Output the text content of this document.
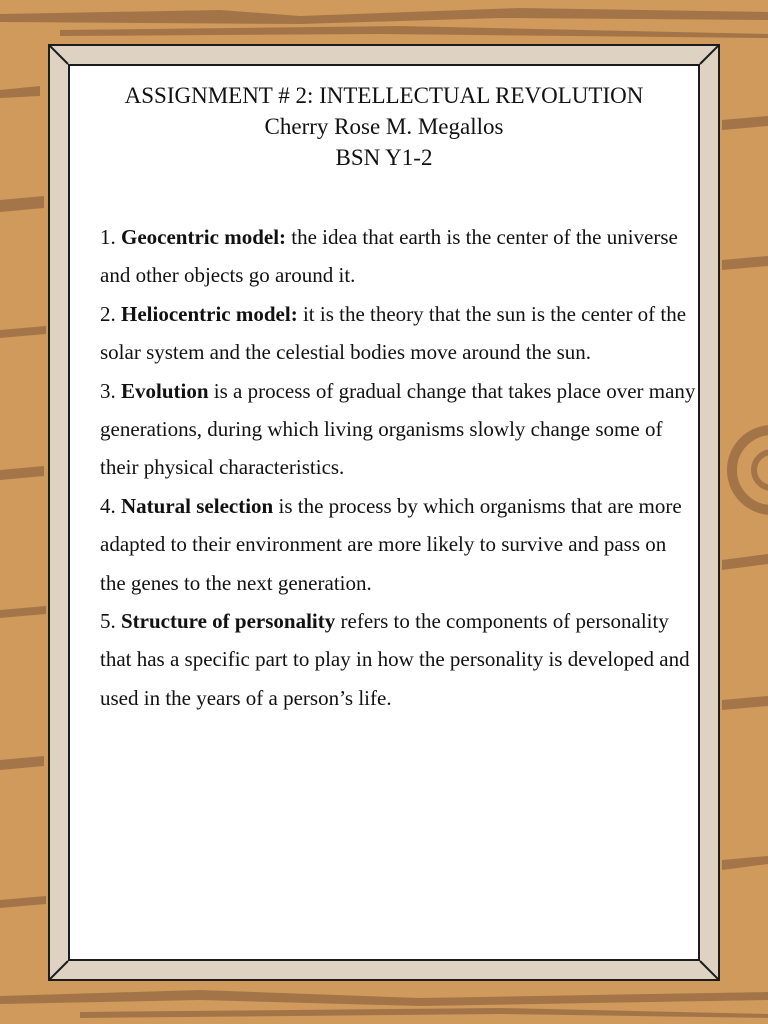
ASSIGNMENT # 2: INTELLECTUAL REVOLUTION
Cherry Rose M. Megallos
BSN Y1-2

1. Geocentric model: the idea that earth is the center of the universe and other objects go around it.

2. Heliocentric model: it is the theory that the sun is the center of the solar system and the celestial bodies move around the sun.

3. Evolution is a process of gradual change that takes place over many generations, during which living organisms slowly change some of their physical characteristics.

4. Natural selection is the process by which organisms that are more adapted to their environment are more likely to survive and pass on the genes to the next generation.

5. Structure of personality refers to the components of personality that has a specific part to play in how the personality is developed and used in the years of a person’s life.
